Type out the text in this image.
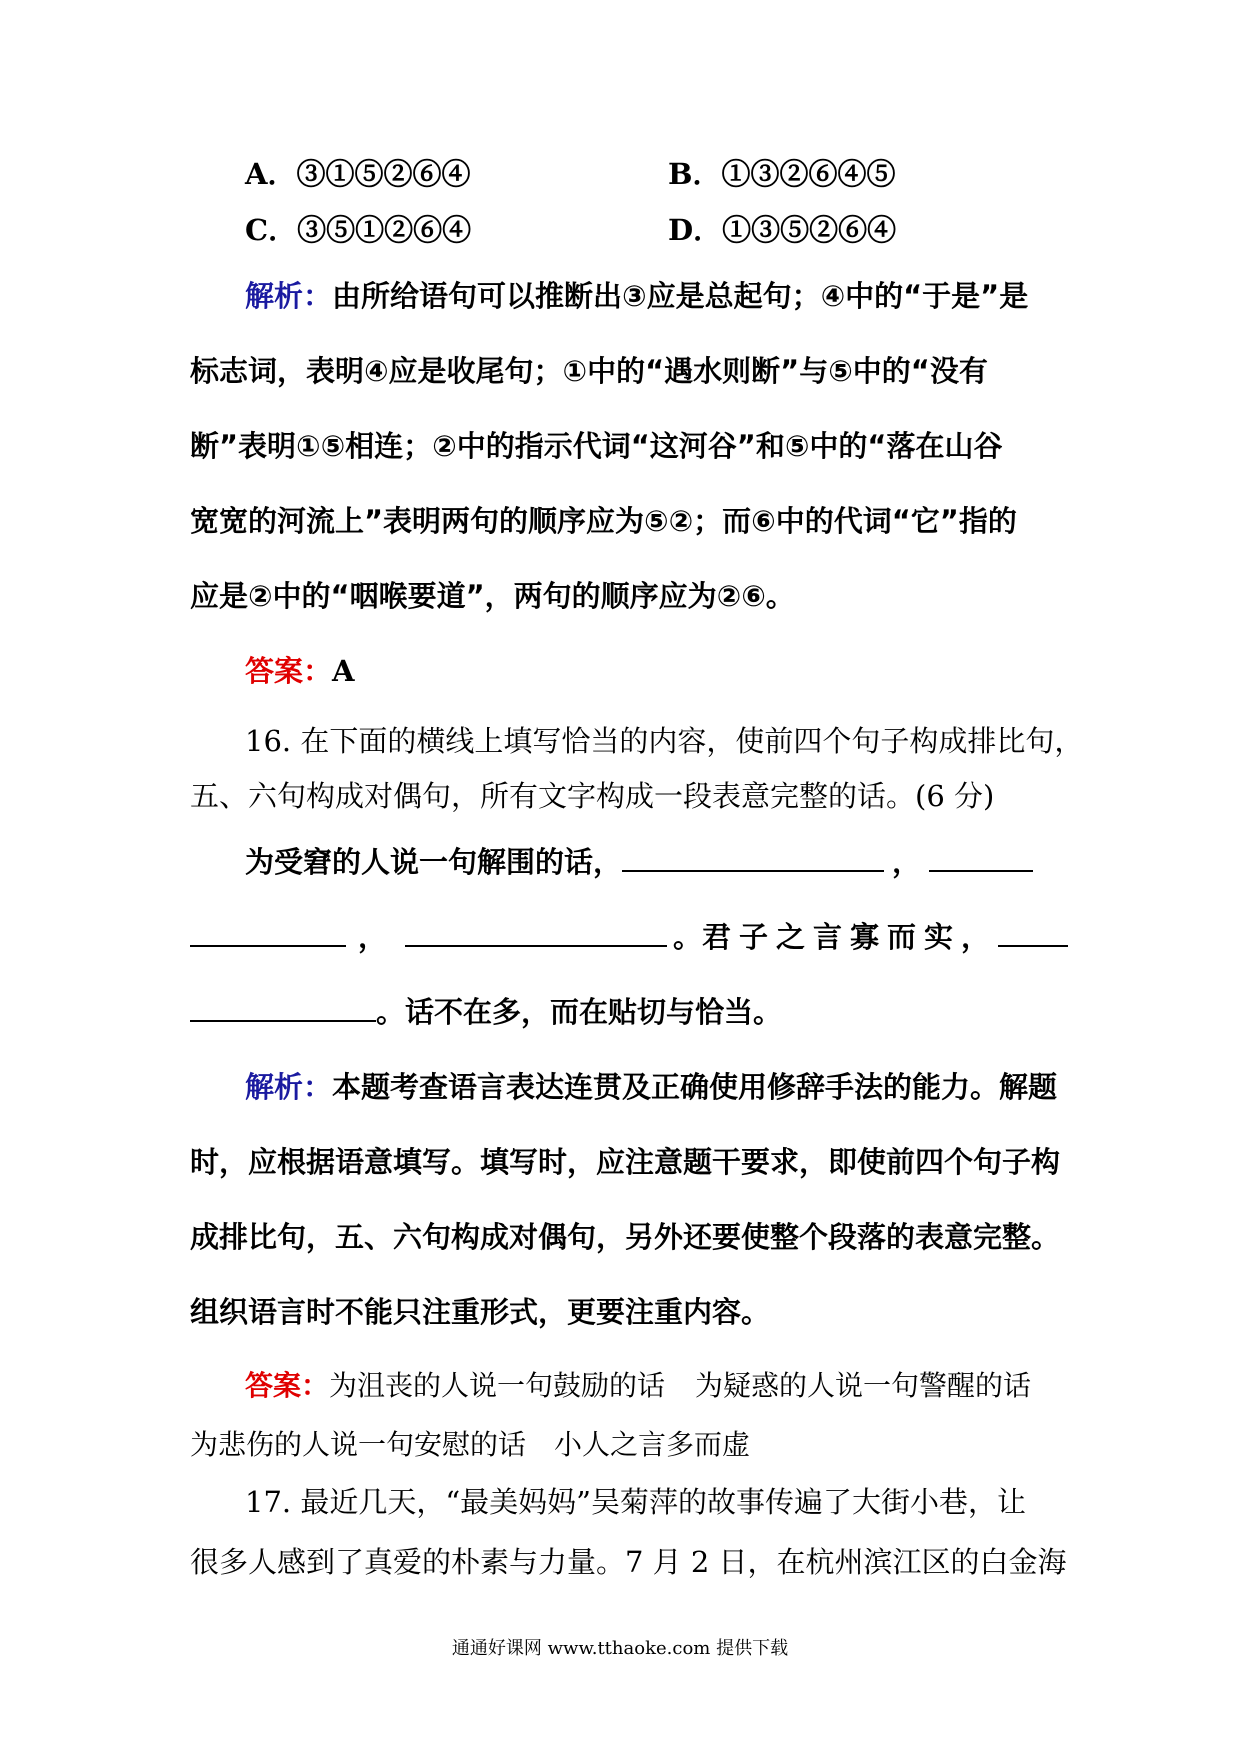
A．③①⑤②⑥④	B．①③②⑥④⑤
C．③⑤①②⑥④	D．①③⑤②⑥④
解析：由所给语句可以推断出③应是总起句；④中的“于是”是
标志词，表明④应是收尾句；①中的“遇水则断”与⑤中的“没有
断”表明①⑤相连；②中的指示代词“这河谷”和⑤中的“落在山谷
宽宽的河流上”表明两句的顺序应为⑤②；而⑥中的代词“它”指的
应是②中的“咽喉要道”，两句的顺序应为②⑥。
答案：A
16. 在下面的横线上填写恰当的内容，使前四个句子构成排比句，
五、六句构成对偶句，所有文字构成一段表意完整的话。(6 分)
为受窘的人说一句解围的话，	，
，	。君子之言寡而实，
。话不在多，而在贴切与恰当。
解析：本题考查语言表达连贯及正确使用修辞手法的能力。解题
时，应根据语意填写。填写时，应注意题干要求，即使前四个句子构
成排比句，五、六句构成对偶句，另外还要使整个段落的表意完整。
组织语言时不能只注重形式，更要注重内容。
答案：为沮丧的人说一句鼓励的话 为疑惑的人说一句警醒的话
为悲伤的人说一句安慰的话 小人之言多而虚
17. 最近几天，“最美妈妈”吴菊萍的故事传遍了大街小巷，让
很多人感到了真爱的朴素与力量。7 月 2 日，在杭州滨江区的白金海
通通好课网 www.tthaoke.com 提供下载
